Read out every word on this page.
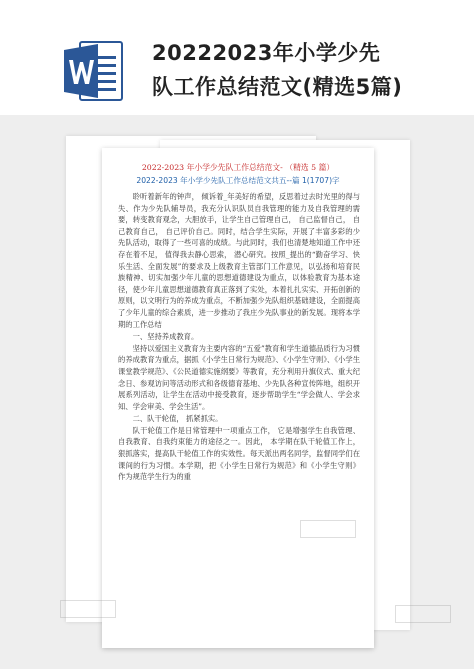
20222023年小学少先
队工作总结范文(精选5篇)
2022-2023 年小学少先队工作总结范文- （精选 5 篇）
2022-2023 年小学少先队工作总结范文共五--篇 1(1707)字

聆听着新年的钟声， 倾诉着_年美好的希望，反思着过去时光里的得与失、作为少先队辅导员，我充分认识队员自我管理的能力及自我管理的需要，转变教育观念，大胆放手，让学生自己管理自己， 自己监督自己， 自己教育自己， 自己评价自己。同时，结合学生实际，开展了丰富多彩的少先队活动，取得了一些可喜的成绩。与此同时，我们也清楚地知道工作中还存在着不足， 值得我去静心思索， 潜心研究。按照_提出的“勤奋学习、快乐生活、全面发展”的要求及上级教育主管部门工作意见，以弘扬和培育民族精神、切实加强少年儿童的思想道德建设为重点，以体验教育为基本途径，使少年儿童思想道德教育真正落到了实处，本着扎扎实实、开拓创新的原则，以文明行为的养成为重点，不断加强少先队组织基础建设，全面提高了少年儿童的综合素质，进一步推动了我庄少先队事业的新发展。现将本学期的工作总结

一、坚持养成教育。

坚持以爱国主义教育为主要内容的“五爱”教育和学生道德品质行为习惯的养成教育为重点，据抓《小学生日常行为规范》、《小学生守则》、《小学生课堂教学规范》、《公民道德实施纲要》等教育，充分利用升旗仪式、重大纪念日、参观访问等活动形式和各级德育基地、少先队各种宣传阵地，组织开展系列活动，让学生在活动中接受教育，逐步帮助学生“学会做人、学会求知、学会审美、学会生活”。

二、队干轮值， 抓紧抓实。

队干轮值工作是日常管理中一项重点工作， 它是增强学生自我管理、自我教育、自我约束能力的途径之一。因此， 本学期在队干轮值工作上， 狠抓落实，提高队干轮值工作的实效性。每天派出两名同学，监督同学们在课间的行为习惯。本学期，把《小学生日常行为规范》和《小学生守则》 作为规范学生行为的重
